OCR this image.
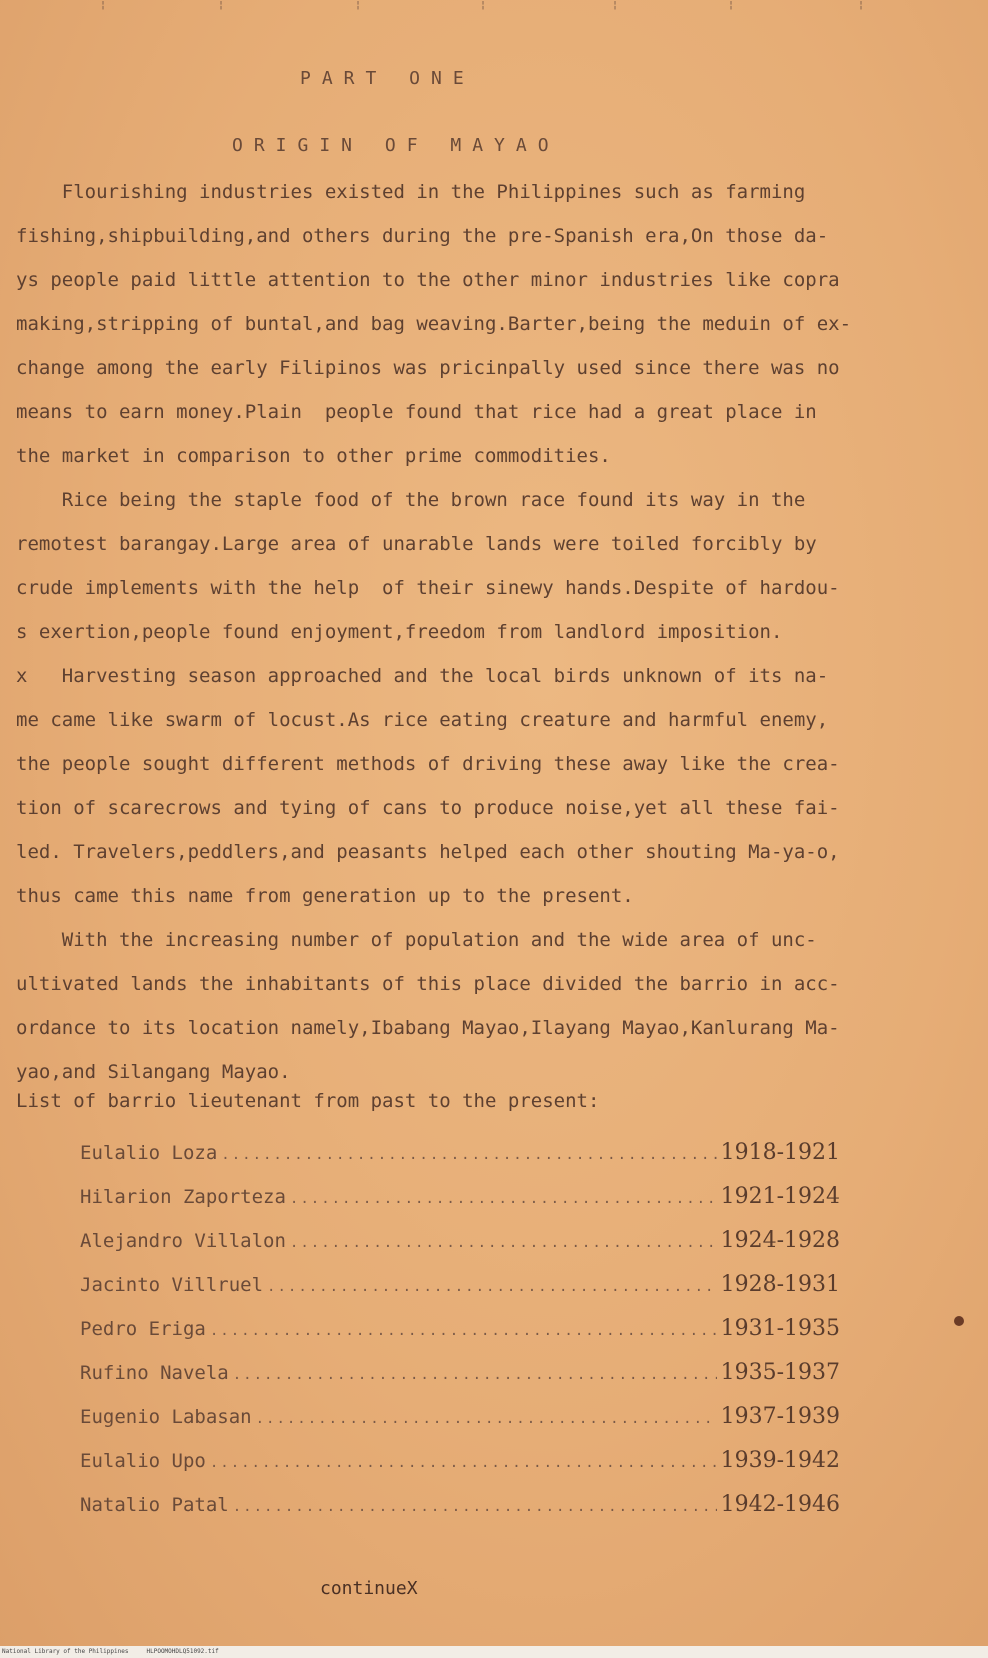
¦	¦	¦	¦	¦	¦	¦
PART ONE
ORIGIN OF MAYAO
Flourishing industries existed in the Philippines such as farming
fishing,shipbuilding,and others during the pre-Spanish era,On those da-
ys people paid little attention to the other minor industries like copra
making,stripping of buntal,and bag weaving.Barter,being the meduin of ex-
change among the early Filipinos was pricinpally used since there was no
means to earn money.Plain  people found that rice had a great place in
the market in comparison to other prime commodities.
Rice being the staple food of the brown race found its way in the
remotest barangay.Large area of unarable lands were toiled forcibly by
crude implements with the help  of their sinewy hands.Despite of hardou-
s exertion,people found enjoyment,freedom from landlord imposition.
x   Harvesting season approached and the local birds unknown of its na-
me came like swarm of locust.As rice eating creature and harmful enemy,
the people sought different methods of driving these away like the crea-
tion of scarecrows and tying of cans to produce noise,yet all these fai-
led. Travelers,peddlers,and peasants helped each other shouting Ma-ya-o,
thus came this name from generation up to the present.
With the increasing number of population and the wide area of unc-
ultivated lands the inhabitants of this place divided the barrio in acc-
ordance to its location namely,Ibabang Mayao,Ilayang Mayao,Kanlurang Ma-
yao,and Silangang Mayao.
List of barrio lieutenant from past to the present:
Eulalio Loza .....	1918-1921
Hilarion Zaporteza .....	1921-1924
Alejandro Villalon .....	1924-1928
Jacinto Villruel .....	1928-1931
Pedro Eriga .....	1931-1935
Rufino Navela .....	1935-1937
Eugenio Labasan .....	1937-1939
Eulalio Upo .....	1939-1942
Natalio Patal .....	1942-1946
continueX
National Library of the Philippines     HLPOOMOHDLQ51092.tif
